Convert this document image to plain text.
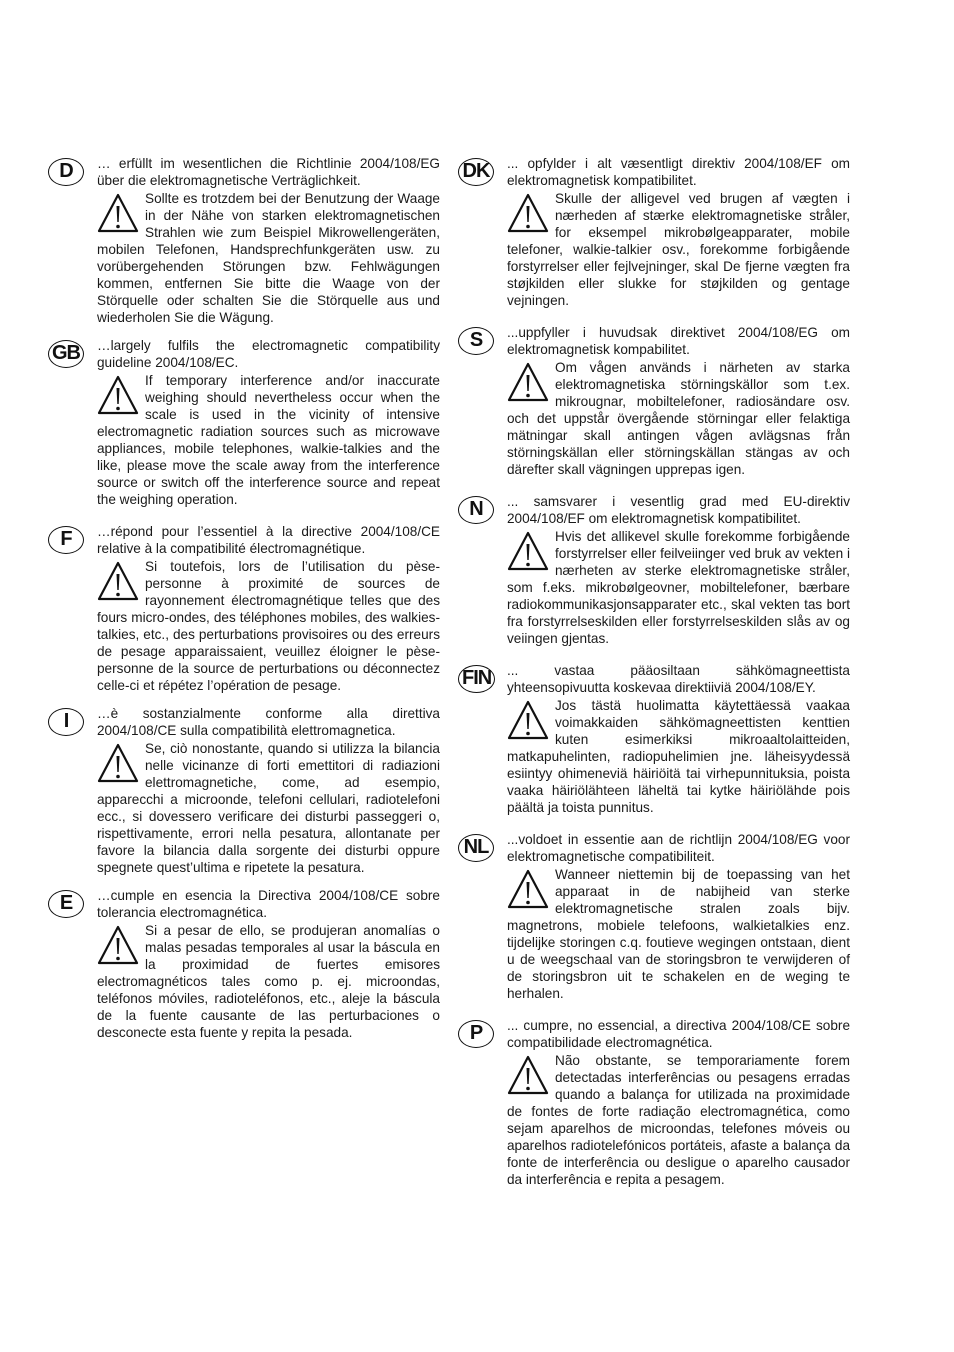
D	… erfüllt im wesentlichen die Richtlinie 2004/108/EG über die elektromagnetische Verträglichkeit.

Sollte es trotzdem bei der Benutzung der Waage in der Nähe von starken elektromagnetischen Strahlen wie zum Beispiel Mikrowellengeräten, mobilen Telefonen, Handsprechfunkgeräten usw. zu vorübergehenden Störungen bzw. Fehlwägungen kommen, entfernen Sie bitte die Waage von der Störquelle oder schalten Sie die Störquelle aus und wiederholen Sie die Wägung.
GB …largely fulfils the electromagnetic compatibility guideline 2004/108/EC.

If temporary interference and/or inaccurate weighing should nevertheless occur when the scale is used in the vicinity of intensive electromagnetic radiation sources such as microwave appliances, mobile telephones, walkie-talkies and the like, please move the scale away from the interference source or switch off the interference source and repeat the weighing operation.
F	…répond pour l’essentiel à la directive 2004/108/CE relative à la compatibilité électromagnétique.

Si toutefois, lors de l’utilisation du pèse-personne à proximité de sources de rayonnement électromagnétique telles que des fours micro-ondes, des téléphones mobiles, des walkies-talkies, etc., des perturbations provisoires ou des erreurs de pesage apparaissaient, veuillez éloigner le pèse-personne de la source de perturbations ou déconnectez celle-ci et répétez l’opération de pesage.
I	…è sostanzialmente conforme alla direttiva 2004/108/CE sulla compatibilità elettromagnetica.

Se, ciò nonostante, quando si utilizza la bilancia nelle vicinanze di forti emettitori di radiazioni elettromagnetiche, come, ad esempio, apparecchi a microonde, telefoni cellulari, radiotelefoni ecc., si dovessero verificare dei disturbi passeggeri o, rispettivamente, errori nella pesatura, allontanate per favore la bilancia dalla sorgente dei disturbi oppure spegnete quest’ultima e ripetete la pesatura.
E	…cumple en esencia la Directiva 2004/108/CE sobre tolerancia electromagnética.

Si a pesar de ello, se produjeran anomalías o malas pesadas temporales al usar la báscula en la proximidad de fuertes emisores electromagnéticos tales como p. ej. microondas, teléfonos móviles, radioteléfonos, etc., aleje la báscula de la fuente causante de las perturbaciones o desconecte esta fuente y repita la pesada.
DK	... opfylder i alt væsentligt direktiv 2004/108/EF om elektromagnetisk kompatibilitet.

Skulle der alligevel ved brugen af vægten i nærheden af stærke elektromagnetiske stråler, for eksempel mikrobølgeapparater, mobile telefoner, walkie-talkier osv., forekomme forbigående forstyrrelser eller fejlvejninger, skal De fjerne vægten fra støjkilden eller slukke for støjkilden og gentage vejningen.
S	...uppfyller i huvudsak direktivet 2004/108/EG om elektromagnetisk kompabilitet.

Om vågen används i närheten av starka elektromagnetiska störningskällor som t.ex. mikrougnar, mobiltelefoner, radiosändare osv. och det uppstår övergående störningar eller felaktiga mätningar skall antingen vågen avlägsnas från störningskällan eller störningskällan stängas av och därefter skall vägningen upprepas igen.
N	... samsvarer i vesentlig grad med EU-direktiv 2004/108/EF om elektromagnetisk kompatibilitet.

Hvis det allikevel skulle forekomme forbigående forstyrrelser eller feilveiinger ved bruk av vekten i nærheten av sterke elektromagnetiske stråler, som f.eks. mikrobølgeovner, mobiltelefoner, bærbare radiokommunikasjonsapparater etc., skal vekten tas bort fra forstyrrelseskilden eller forstyrrelseskilden slås av og veiingen gjentas.
FIN ... vastaa pääosiltaan sähkömagneettista yhteensopivuutta koskevaa direktiiviä 2004/108/EY.

Jos tästä huolimatta käytettäessä vaakaa voimakkaiden sähkömagneettisten kenttien kuten esimerkiksi mikroaaltolaitteiden, matkapuhelinten, radiopuhelimien jne. läheisyydessä esiintyy ohimeneviä häiriöitä tai virhepunnituksia, poista vaaka häiriölähteen läheltä tai kytke häiriölähde pois päältä ja toista punnitus.
NL	...voldoet in essentie aan de richtlijn 2004/108/EG voor elektromagnetische compatibiliteit.

Wanneer niettemin bij de toepassing van het apparaat in de nabijheid van sterke elektromagnetische stralen zoals bijv. magnetrons, mobiele telefoons, walkietalkies enz. tijdelijke storingen c.q. foutieve wegingen ontstaan, dient u de weegschaal van de storingsbron te verwijderen of de storingsbron uit te schakelen en de weging te herhalen.
P	... cumpre, no essencial, a directiva 2004/108/CE sobre compatibilidade electromagnética.

Não obstante, se temporariamente forem detectadas interferências ou pesagens erradas quando a balança for utilizada na proximidade de fontes de forte radiação electromagnética, como sejam aparelhos de microondas, telefones móveis ou aparelhos radiotelefónicos portáteis, afaste a balança da fonte de interferência ou desligue o aparelho causador da interferência e repita a pesagem.
